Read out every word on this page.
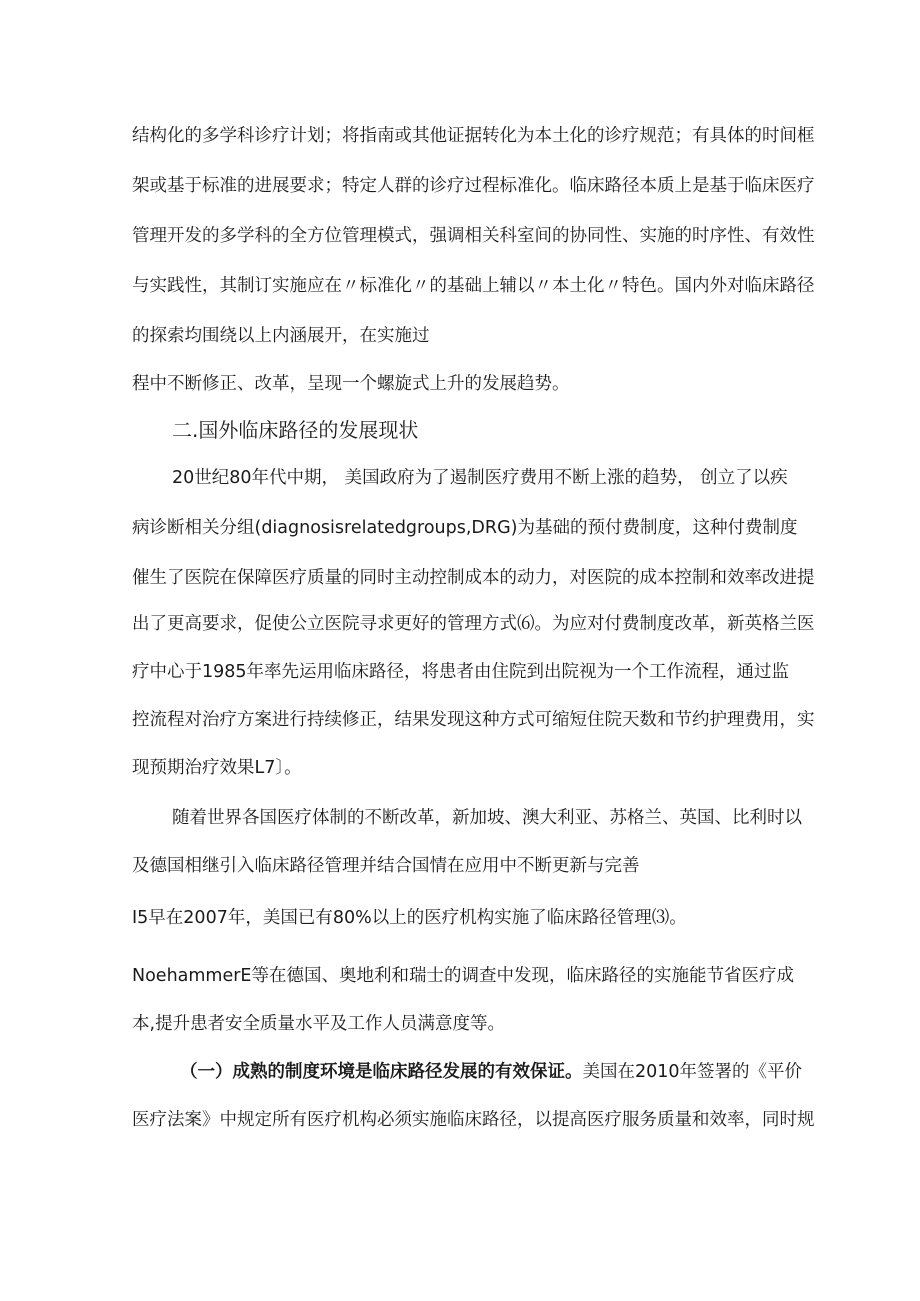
结构化的多学科诊疗计划；将指南或其他证据转化为本土化的诊疗规范；有具体的时间框
架或基于标准的进展要求；特定人群的诊疗过程标准化。临床路径本质上是基于临床医疗
管理开发的多学科的全方位管理模式，强调相关科室间的协同性、实施的时序性、有效性
与实践性，其制订实施应在〃标准化〃的基础上辅以〃本土化〃特色。国内外对临床路径
的探索均围绕以上内涵展开，在实施过
程中不断修正、改革，呈现一个螺旋式上升的发展趋势。
二.国外临床路径的发展现状
20世纪80年代中期， 美国政府为了遏制医疗费用不断上涨的趋势， 创立了以疾
病诊断相关分组(diagnosisrelatedgroups,DRG)为基础的预付费制度，这种付费制度
催生了医院在保障医疗质量的同时主动控制成本的动力，对医院的成本控制和效率改进提
出了更高要求，促使公立医院寻求更好的管理方式⑹。为应对付费制度改革，新英格兰医
疗中心于1985年率先运用临床路径，将患者由住院到出院视为一个工作流程，通过监
控流程对治疗方案进行持续修正，结果发现这种方式可缩短住院天数和节约护理费用，实
现预期治疗效果L7〕。
随着世界各国医疗体制的不断改革，新加坡、澳大利亚、苏格兰、英国、比利时以
及德国相继引入临床路径管理并结合国情在应用中不断更新与完善
I5早在2007年，美国已有80%以上的医疗机构实施了临床路径管理⑶。
NoehammerE等在德国、奥地利和瑞士的调查中发现，临床路径的实施能节省医疗成
本,提升患者安全质量水平及工作人员满意度等。
（一）成熟的制度环境是临床路径发展的有效保证。美国在2010年签署的《平价
医疗法案》中规定所有医疗机构必须实施临床路径，以提高医疗服务质量和效率，同时规
